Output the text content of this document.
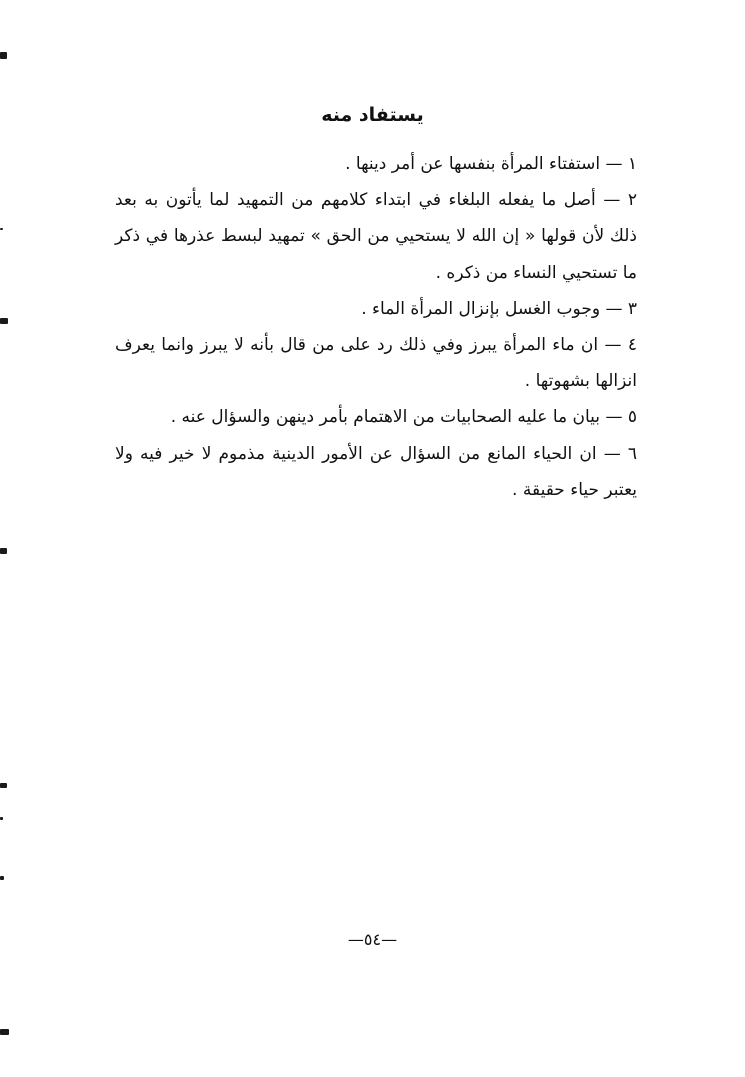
يستفاد منه

١ — استفتاء المرأة بنفسها عن أمر دينها .

٢ — أصل ما يفعله البلغاء في ابتداء كلامهم من التمهيد لما يأتون به بعد ذلك لأن قولها « إن الله لا يستحيي من الحق » تمهيد لبسط عذرها في ذكر ما تستحيي النساء من ذكره .

٣ — وجوب الغسل بإنزال المرأة الماء .

٤ — ان ماء المرأة يبرز وفي ذلك رد على من قال بأنه لا يبرز وانما يعرف انزالها بشهوتها .

٥ — بيان ما عليه الصحابيات من الاهتمام بأمر دينهن والسؤال عنه .

٦ — ان الحياء المانع من السؤال عن الأمور الدينية مذموم لا خير فيه ولا يعتبر حياء حقيقة .

—٥٤—
